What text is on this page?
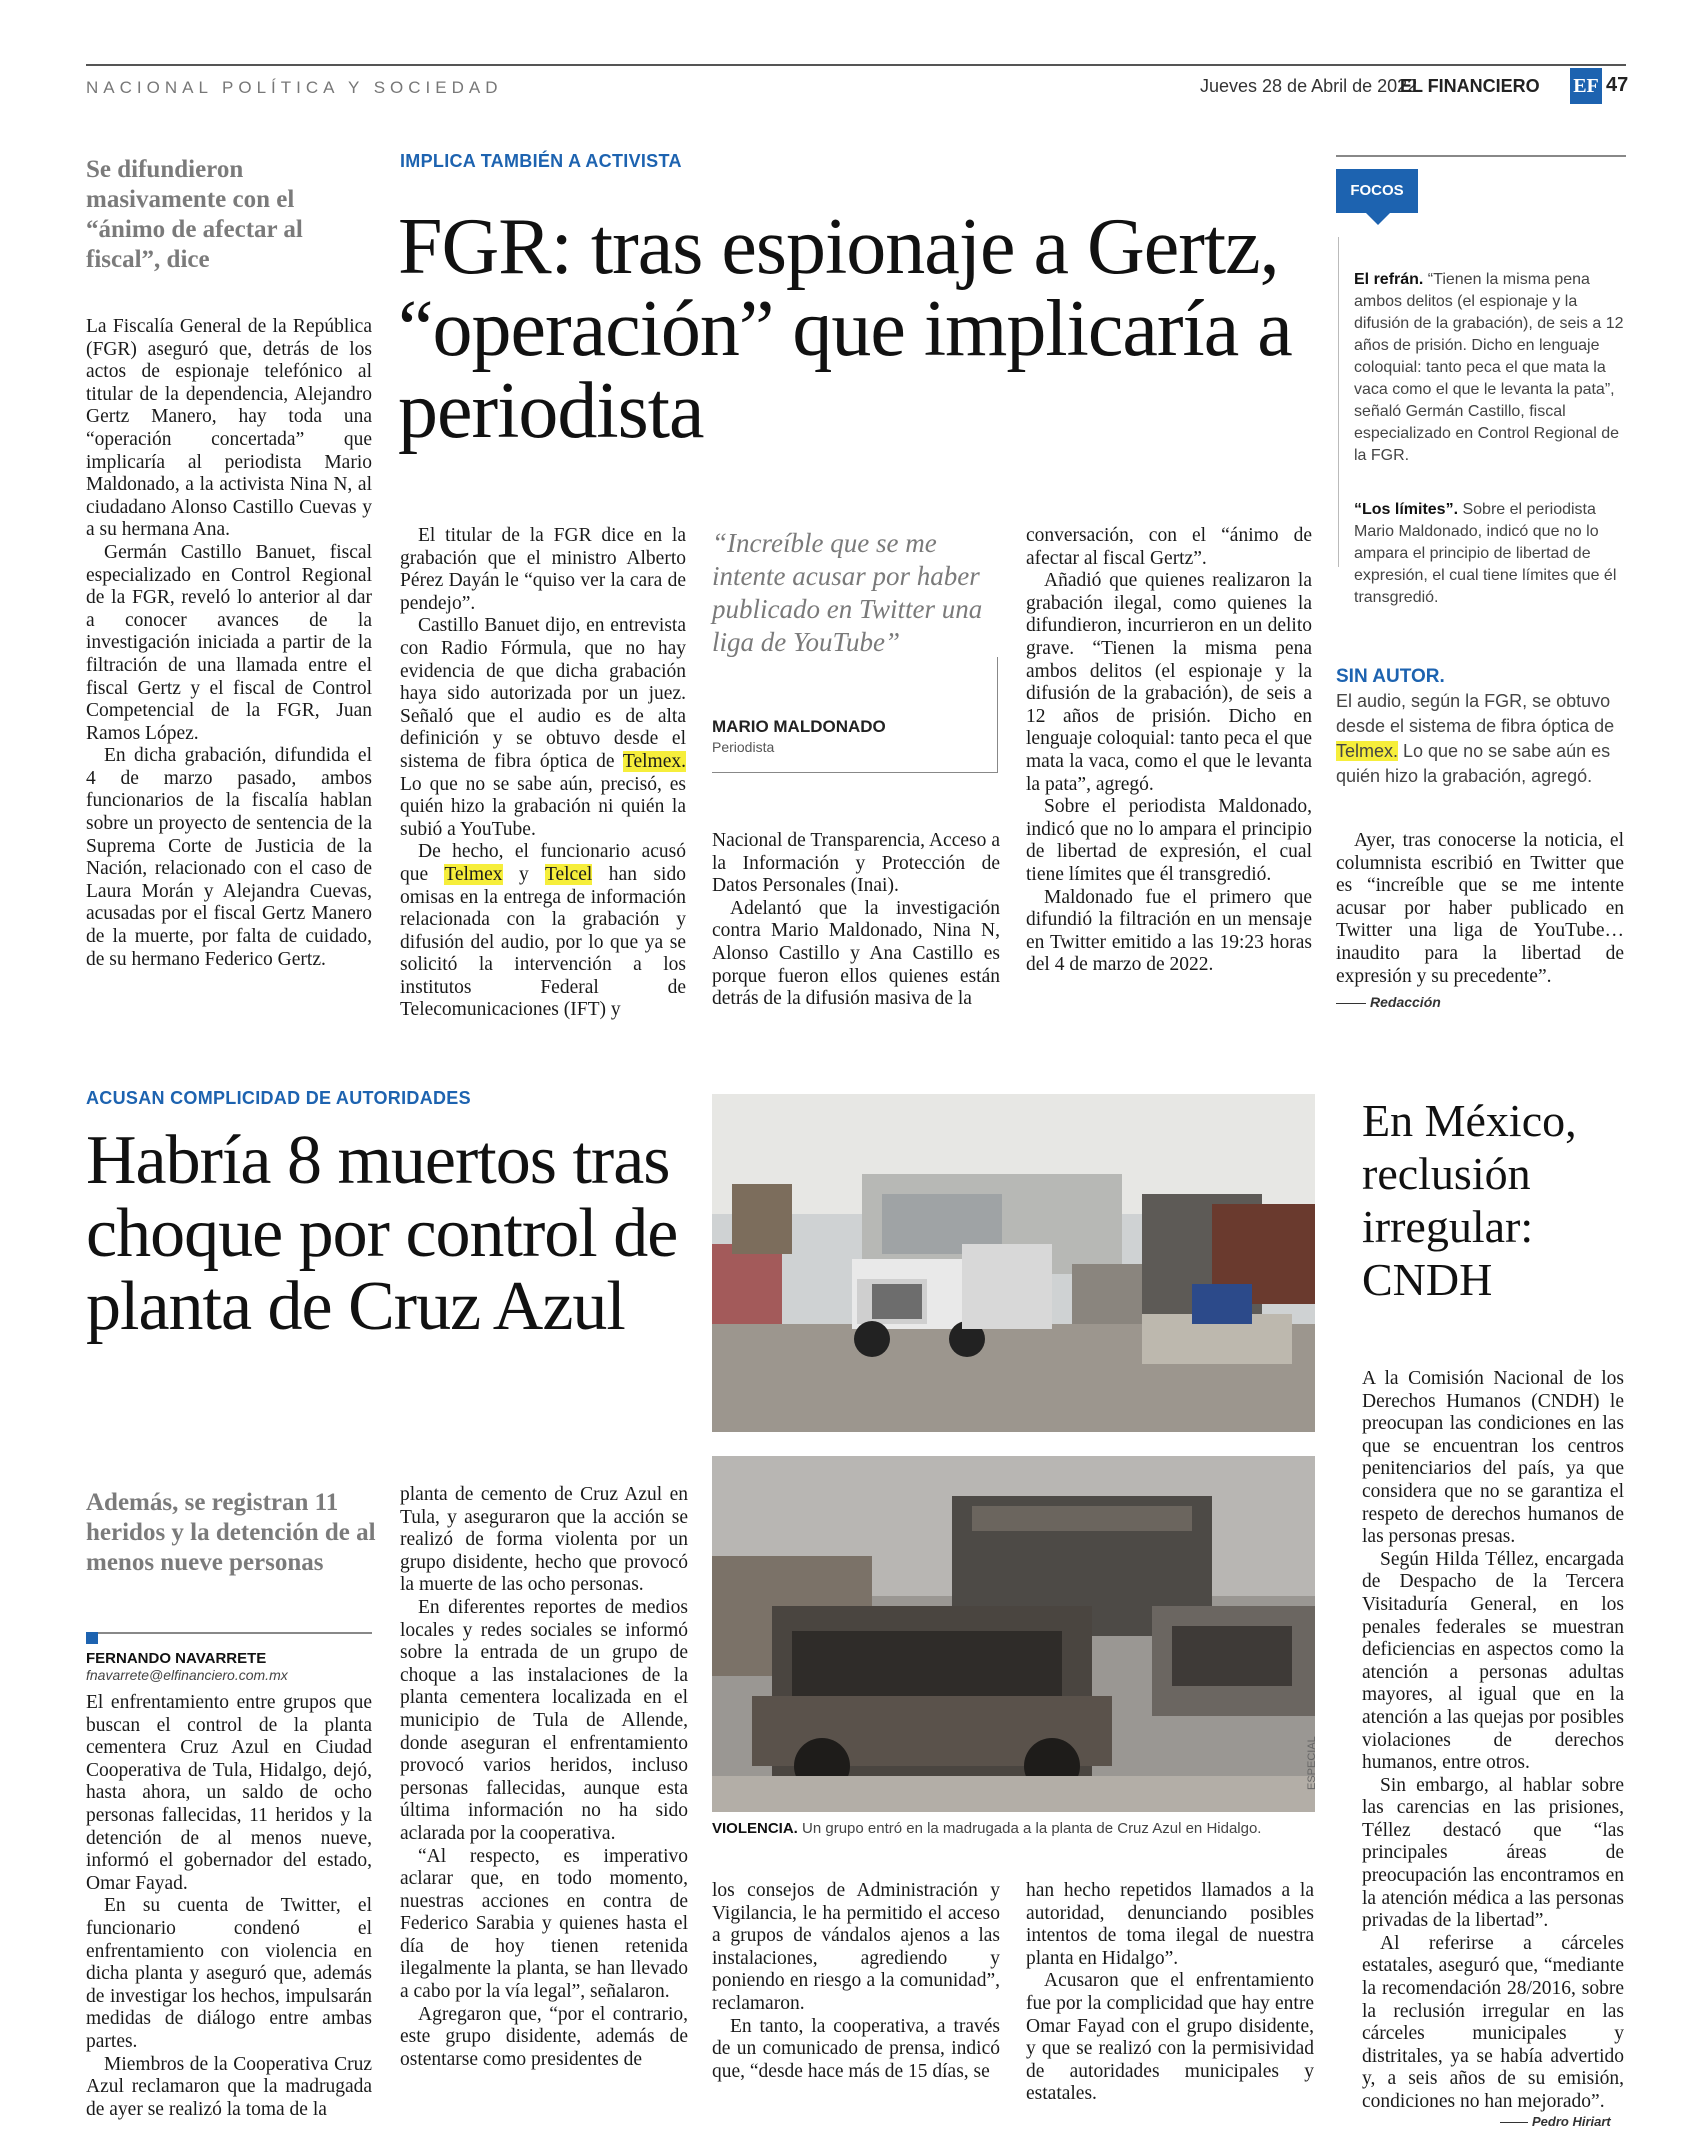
NACIONAL POLÍTICA Y SOCIEDAD	Jueves 28 de Abril de 2022
EL FINANCIERO EF 47
Se difundieron masivamente con el “ánimo de afectar al fiscal”, dice

La Fiscalía General de la República (FGR) aseguró que, detrás de los actos de espionaje telefónico al titular de la dependencia, Alejandro Gertz Manero, hay toda una “operación concertada” que implicaría al periodista Mario Maldonado, a la activista Nina N, al ciudadano Alonso Castillo Cuevas y a su hermana Ana.

Germán Castillo Banuet, fiscal especializado en Control Regional de la FGR, reveló lo anterior al dar a conocer avances de la investigación iniciada a partir de la filtración de una llamada entre el fiscal Gertz y el fiscal de Control Competencial de la FGR, Juan Ramos López.

En dicha grabación, difundida el 4 de marzo pasado, ambos funcionarios de la fiscalía hablan sobre un proyecto de sentencia de la Suprema Corte de Justicia de la Nación, relacionado con el caso de Laura Morán y Alejandra Cuevas, acusadas por el fiscal Gertz Manero de la muerte, por falta de cuidado, de su hermano Federico Gertz.

IMPLICA TAMBIÉN A ACTIVISTA
FGR: tras espionaje a Gertz, “operación” que implicaría a periodista

El titular de la FGR dice en la grabación que el ministro Alberto Pérez Dayán le “quiso ver la cara de pendejo”.

Castillo Banuet dijo, en entrevista con Radio Fórmula, que no hay evidencia de que dicha grabación haya sido autorizada por un juez. Señaló que el audio es de alta definición y se obtuvo desde el sistema de fibra óptica de Telmex. Lo que no se sabe aún, precisó, es quién hizo la grabación ni quién la subió a YouTube.

De hecho, el funcionario acusó que Telmex y Telcel han sido omisas en la entrega de información relacionada con la grabación y difusión del audio, por lo que ya se solicitó la intervención a los institutos Federal de Telecomunicaciones (IFT) y

“Increíble que se me intente acusar por haber publicado en Twitter una liga de YouTube”
MARIO MALDONADO
Periodista

Nacional de Transparencia, Acceso a la Información y Protección de Datos Personales (Inai).

Adelantó que la investigación contra Mario Maldonado, Nina N, Alonso Castillo y Ana Castillo es porque fueron ellos quienes están detrás de la difusión masiva de la

conversación, con el “ánimo de afectar al fiscal Gertz”.

Añadió que quienes realizaron la grabación ilegal, como quienes la difundieron, incurrieron en un delito grave. “Tienen la misma pena ambos delitos (el espionaje y la difusión de la grabación), de seis a 12 años de prisión. Dicho en lenguaje coloquial: tanto peca el que mata la vaca, como el que le levanta la pata”, agregó.

Sobre el periodista Maldonado, indicó que no lo ampara el principio de libertad de expresión, el cual tiene límites que él transgredió.

Maldonado fue el primero que difundió la filtración en un mensaje en Twitter emitido a las 19:23 horas del 4 de marzo de 2022.

FOCOS
El refrán. “Tienen la misma pena ambos delitos (el espionaje y la difusión de la grabación), de seis a 12 años de prisión. Dicho en lenguaje coloquial: tanto peca el que mata la vaca como el que le levanta la pata”, señaló Germán Castillo, fiscal especializado en Control Regional de la FGR.
“Los límites”. Sobre el periodista Mario Maldonado, indicó que no lo ampara el principio de libertad de expresión, el cual tiene límites que él transgredió.
SIN AUTOR.
El audio, según la FGR, se obtuvo desde el sistema de fibra óptica de Telmex. Lo que no se sabe aún es quién hizo la grabación, agregó.

Ayer, tras conocerse la noticia, el columnista escribió en Twitter que es “increíble que se me intente acusar por haber publicado en Twitter una liga de YouTube… inaudito para la libertad de expresión y su precedente”.

Redacción
ACUSAN COMPLICIDAD DE AUTORIDADES
Habría 8 muertos tras choque por control de planta de Cruz Azul
Además, se registran 11 heridos y la detención de al menos nueve personas
FERNANDO NAVARRETE
fnavarrete@elfinanciero.com.mx

El enfrentamiento entre grupos que buscan el control de la planta cementera Cruz Azul en Ciudad Cooperativa de Tula, Hidalgo, dejó, hasta ahora, un saldo de ocho personas fallecidas, 11 heridos y la detención de al menos nueve, informó el gobernador del estado, Omar Fayad.

En su cuenta de Twitter, el funcionario condenó el enfrentamiento con violencia en dicha planta y aseguró que, además de investigar los hechos, impulsarán medidas de diálogo entre ambas partes.

Miembros de la Cooperativa Cruz Azul reclamaron que la madrugada de ayer se realizó la toma de la

planta de cemento de Cruz Azul en Tula, y aseguraron que la acción se realizó de forma violenta por un grupo disidente, hecho que provocó la muerte de las ocho personas.

En diferentes reportes de medios locales y redes sociales se informó sobre la entrada de un grupo de choque a las instalaciones de la planta cementera localizada en el municipio de Tula de Allende, donde aseguran el enfrentamiento provocó varios heridos, incluso personas fallecidas, aunque esta última información no ha sido aclarada por la cooperativa.

“Al respecto, es imperativo aclarar que, en todo momento, nuestras acciones en contra de Federico Sarabia y quienes hasta el día de hoy tienen retenida ilegalmente la planta, se han llevado a cabo por la vía legal”, señalaron.

Agregaron que, “por el contrario, este grupo disidente, además de ostentarse como presidentes de

ESPECIAL
VIOLENCIA. Un grupo entró en la madrugada a la planta de Cruz Azul en Hidalgo.

los consejos de Administración y Vigilancia, le ha permitido el acceso a grupos de vándalos ajenos a las instalaciones, agrediendo y poniendo en riesgo a la comunidad”, reclamaron.

En tanto, la cooperativa, a través de un comunicado de prensa, indicó que, “desde hace más de 15 días, se

han hecho repetidos llamados a la autoridad, denunciando posibles intentos de toma ilegal de nuestra planta en Hidalgo”.

Acusaron que el enfrentamiento fue por la complicidad que hay entre Omar Fayad con el grupo disidente, y que se realizó con la permisividad de autoridades municipales y estatales.

En México, reclusión irregular: CNDH

A la Comisión Nacional de los Derechos Humanos (CNDH) le preocupan las condiciones en las que se encuentran los centros penitenciarios del país, ya que considera que no se garantiza el respeto de derechos humanos de las personas presas.

Según Hilda Téllez, encargada de Despacho de la Tercera Visitaduría General, en los penales federales se muestran deficiencias en aspectos como la atención a personas adultas mayores, al igual que en la atención a las quejas por posibles violaciones de derechos humanos, entre otros.

Sin embargo, al hablar sobre las carencias en las prisiones, Téllez destacó que “las principales áreas de preocupación las encontramos en la atención médica a las personas privadas de la libertad”.

Al referirse a cárceles estatales, aseguró que, “mediante la recomendación 28/2016, sobre la reclusión irregular en las cárceles municipales y distritales, ya se había advertido y, a seis años de su emisión, condiciones no han mejorado”.

Pedro Hiriart
